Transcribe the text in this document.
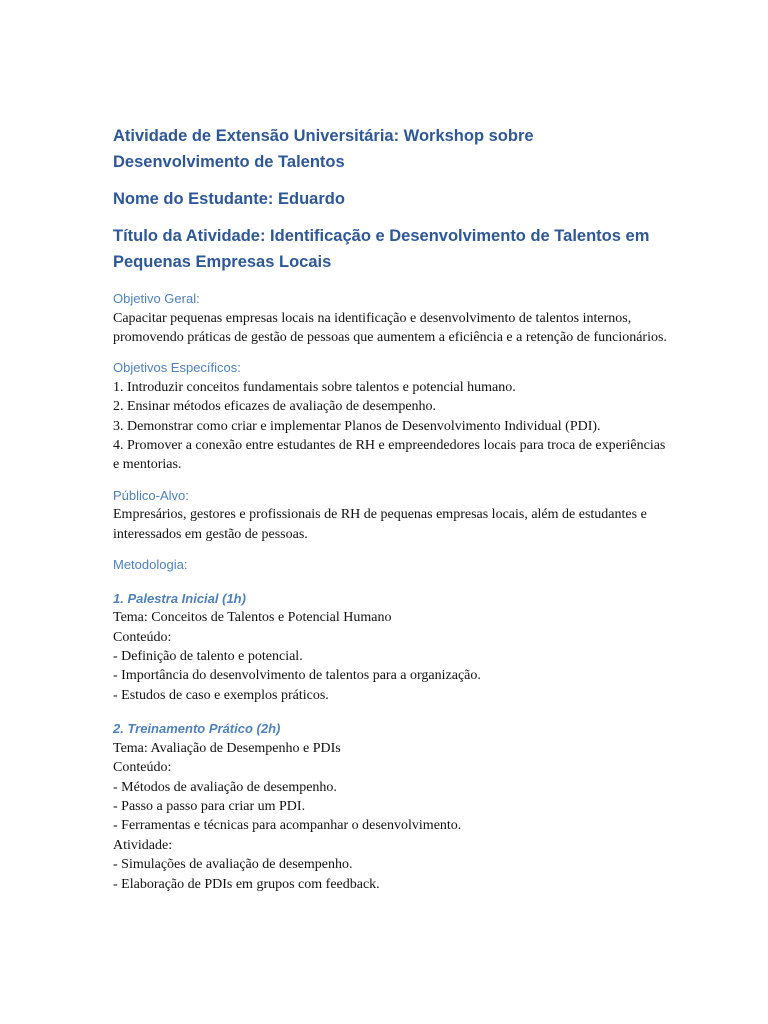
Atividade de Extensão Universitária: Workshop sobre Desenvolvimento de Talentos
Nome do Estudante: Eduardo
Título da Atividade: Identificação e Desenvolvimento de Talentos em Pequenas Empresas Locais

Objetivo Geral:

Capacitar pequenas empresas locais na identificação e desenvolvimento de talentos internos, promovendo práticas de gestão de pessoas que aumentem a eficiência e a retenção de funcionários.

Objetivos Específicos:

1. Introduzir conceitos fundamentais sobre talentos e potencial humano.

2. Ensinar métodos eficazes de avaliação de desempenho.

3. Demonstrar como criar e implementar Planos de Desenvolvimento Individual (PDI).

4. Promover a conexão entre estudantes de RH e empreendedores locais para troca de experiências e mentorias.

Público-Alvo:

Empresários, gestores e profissionais de RH de pequenas empresas locais, além de estudantes e interessados em gestão de pessoas.

Metodologia:

1. Palestra Inicial (1h)

Tema: Conceitos de Talentos e Potencial Humano

Conteúdo:

- Definição de talento e potencial.

- Importância do desenvolvimento de talentos para a organização.

- Estudos de caso e exemplos práticos.

2. Treinamento Prático (2h)

Tema: Avaliação de Desempenho e PDIs

Conteúdo:

- Métodos de avaliação de desempenho.

- Passo a passo para criar um PDI.

- Ferramentas e técnicas para acompanhar o desenvolvimento.

Atividade:

- Simulações de avaliação de desempenho.

- Elaboração de PDIs em grupos com feedback.
